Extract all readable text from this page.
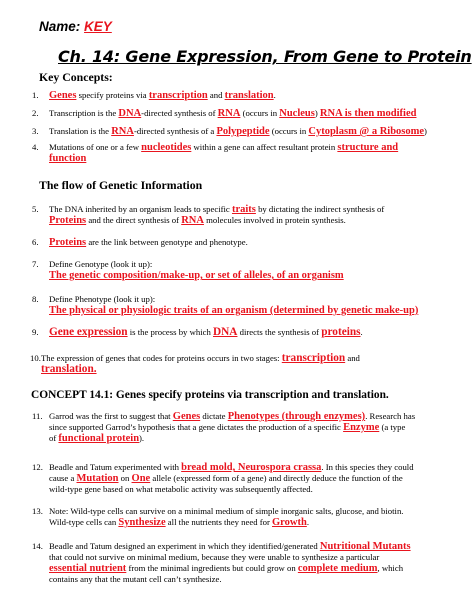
Name: KEY
Ch. 14: Gene Expression, From Gene to Protein
Key Concepts:
1. Genes specify proteins via transcription and translation.
2. Transcription is the DNA-directed synthesis of RNA (occurs in Nucleus) RNA is then modified
3. Translation is the RNA-directed synthesis of a Polypeptide (occurs in Cytoplasm @ a Ribosome)
4. Mutations of one or a few nucleotides within a gene can affect resultant protein structure and
function
The flow of Genetic Information
5. The DNA inherited by an organism leads to specific traits by dictating the indirect synthesis of
Proteins and the direct synthesis of RNA molecules involved in protein synthesis.
6. Proteins are the link between genotype and phenotype.
7. Define Genotype (look it up):
The genetic composition/make-up, or set of alleles, of an organism
8. Define Phenotype (look it up):
The physical or physiologic traits of an organism (determined by genetic make-up)
9. Gene expression is the process by which DNA directs the synthesis of proteins.
10. The expression of genes that codes for proteins occurs in two stages: transcription and
translation.
CONCEPT 14.1: Genes specify proteins via transcription and translation.
11. Garrod was the first to suggest that Genes dictate Phenotypes (through enzymes). Research has
since supported Garrod’s hypothesis that a gene dictates the production of a specific Enzyme (a type
of functional protein).
12. Beadle and Tatum experimented with bread mold, Neurospora crassa. In this species they could
cause a Mutation on One allele (expressed form of a gene) and directly deduce the function of the
wild-type gene based on what metabolic activity was subsequently affected.
13. Note: Wild-type cells can survive on a minimal medium of simple inorganic salts, glucose, and biotin.
Wild-type cells can Synthesize all the nutrients they need for Growth.
14. Beadle and Tatum designed an experiment in which they identified/generated Nutritional Mutants
that could not survive on minimal medium, because they were unable to synthesize a particular
essential nutrient from the minimal ingredients but could grow on complete medium, which
contains any that the mutant cell can’t synthesize.
